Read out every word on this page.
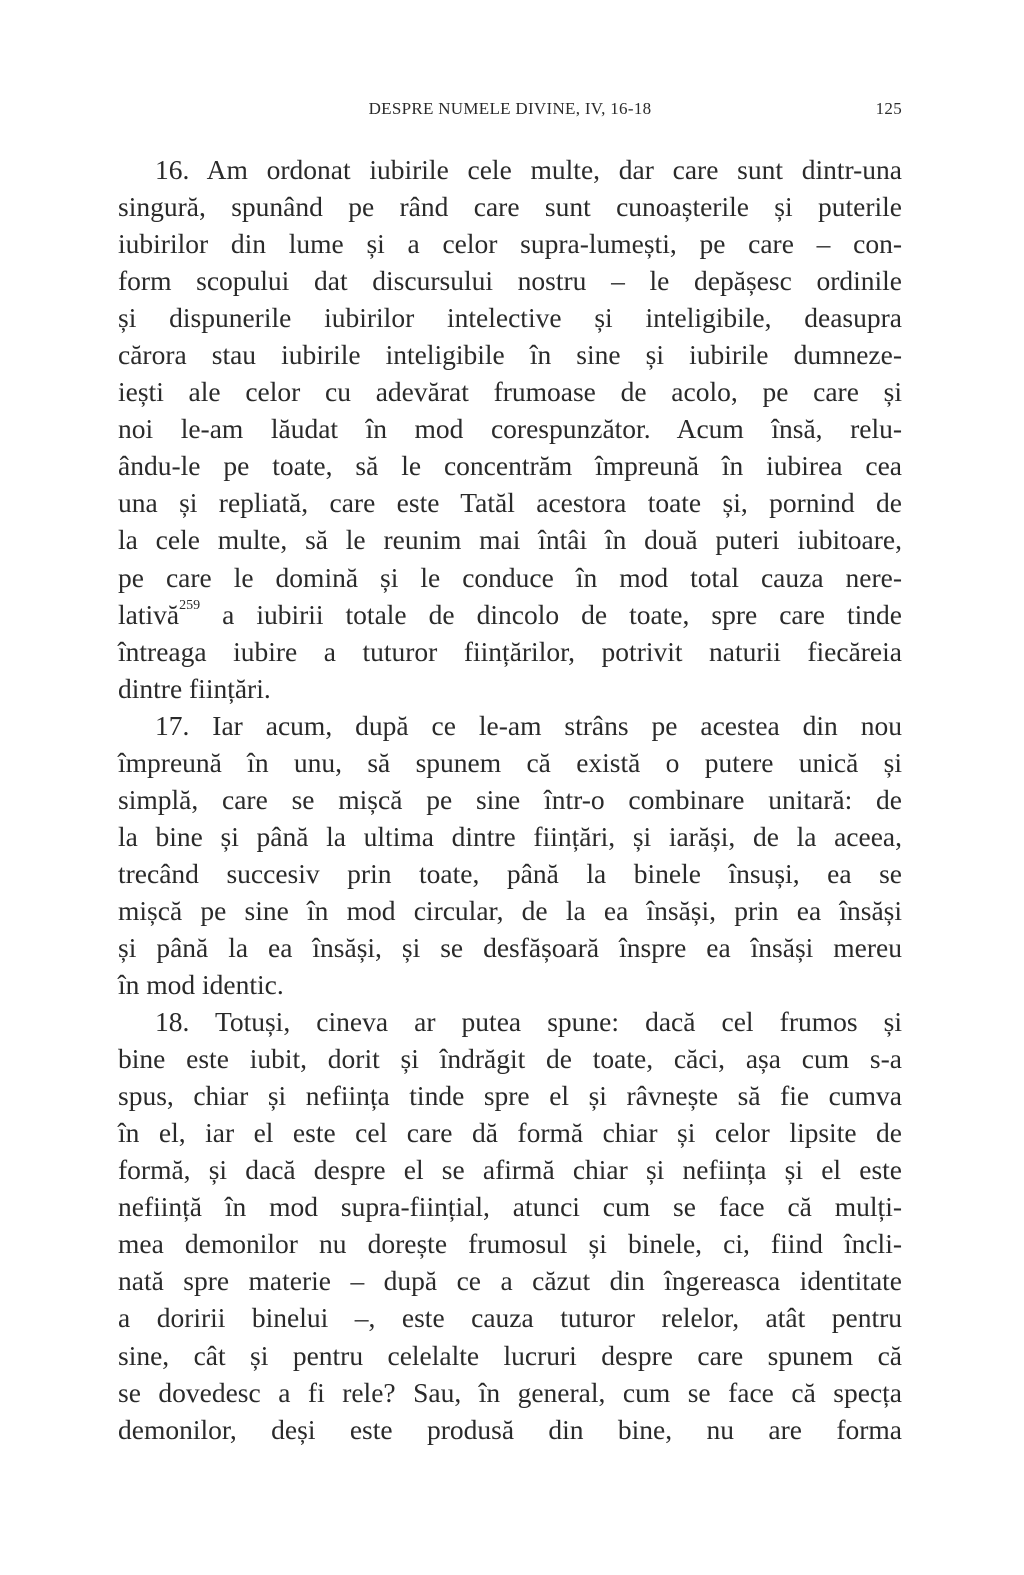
DESPRE NUMELE DIVINE, IV, 16-18	125
16. Am ordonat iubirile cele multe, dar care sunt dintr-una
singură, spunând pe rând care sunt cunoașterile și puterile
iubirilor din lume și a celor supra-lumești, pe care – con-
form scopului dat discursului nostru – le depășesc ordinile
și dispunerile iubirilor intelective și inteligibile, deasupra
cărora stau iubirile inteligibile în sine și iubirile dumneze-
iești ale celor cu adevărat frumoase de acolo, pe care și
noi le-am lăudat în mod corespunzător. Acum însă, relu-
ându-le pe toate, să le concentrăm împreună în iubirea cea
una și repliată, care este Tatăl acestora toate și, pornind de
la cele multe, să le reunim mai întâi în două puteri iubitoare,
pe care le domină și le conduce în mod total cauza nere-
lativă$^{259}$ a iubirii totale de dincolo de toate, spre care tinde
întreaga iubire a tuturor ființărilor, potrivit naturii fiecăreia
dintre ființări.
17. Iar acum, după ce le-am strâns pe acestea din nou
împreună în unu, să spunem că există o putere unică și
simplă, care se mișcă pe sine într-o combinare unitară: de
la bine și până la ultima dintre ființări, și iarăși, de la aceea,
trecând succesiv prin toate, până la binele însuși, ea se
mișcă pe sine în mod circular, de la ea însăși, prin ea însăși
și până la ea însăși, și se desfășoară înspre ea însăși mereu
în mod identic.
18. Totuși, cineva ar putea spune: dacă cel frumos și
bine este iubit, dorit și îndrăgit de toate, căci, așa cum s-a
spus, chiar și neființa tinde spre el și râvnește să fie cumva
în el, iar el este cel care dă formă chiar și celor lipsite de
formă, și dacă despre el se afirmă chiar și neființa și el este
neființă în mod supra-ființial, atunci cum se face că mulți-
mea demonilor nu dorește frumosul și binele, ci, fiind încli-
nată spre materie – după ce a căzut din îngereasca identitate
a doririi binelui –, este cauza tuturor relelor, atât pentru
sine, cât și pentru celelalte lucruri despre care spunem că
se dovedesc a fi rele? Sau, în general, cum se face că specța
demonilor, deși este produsă din bine, nu are forma
